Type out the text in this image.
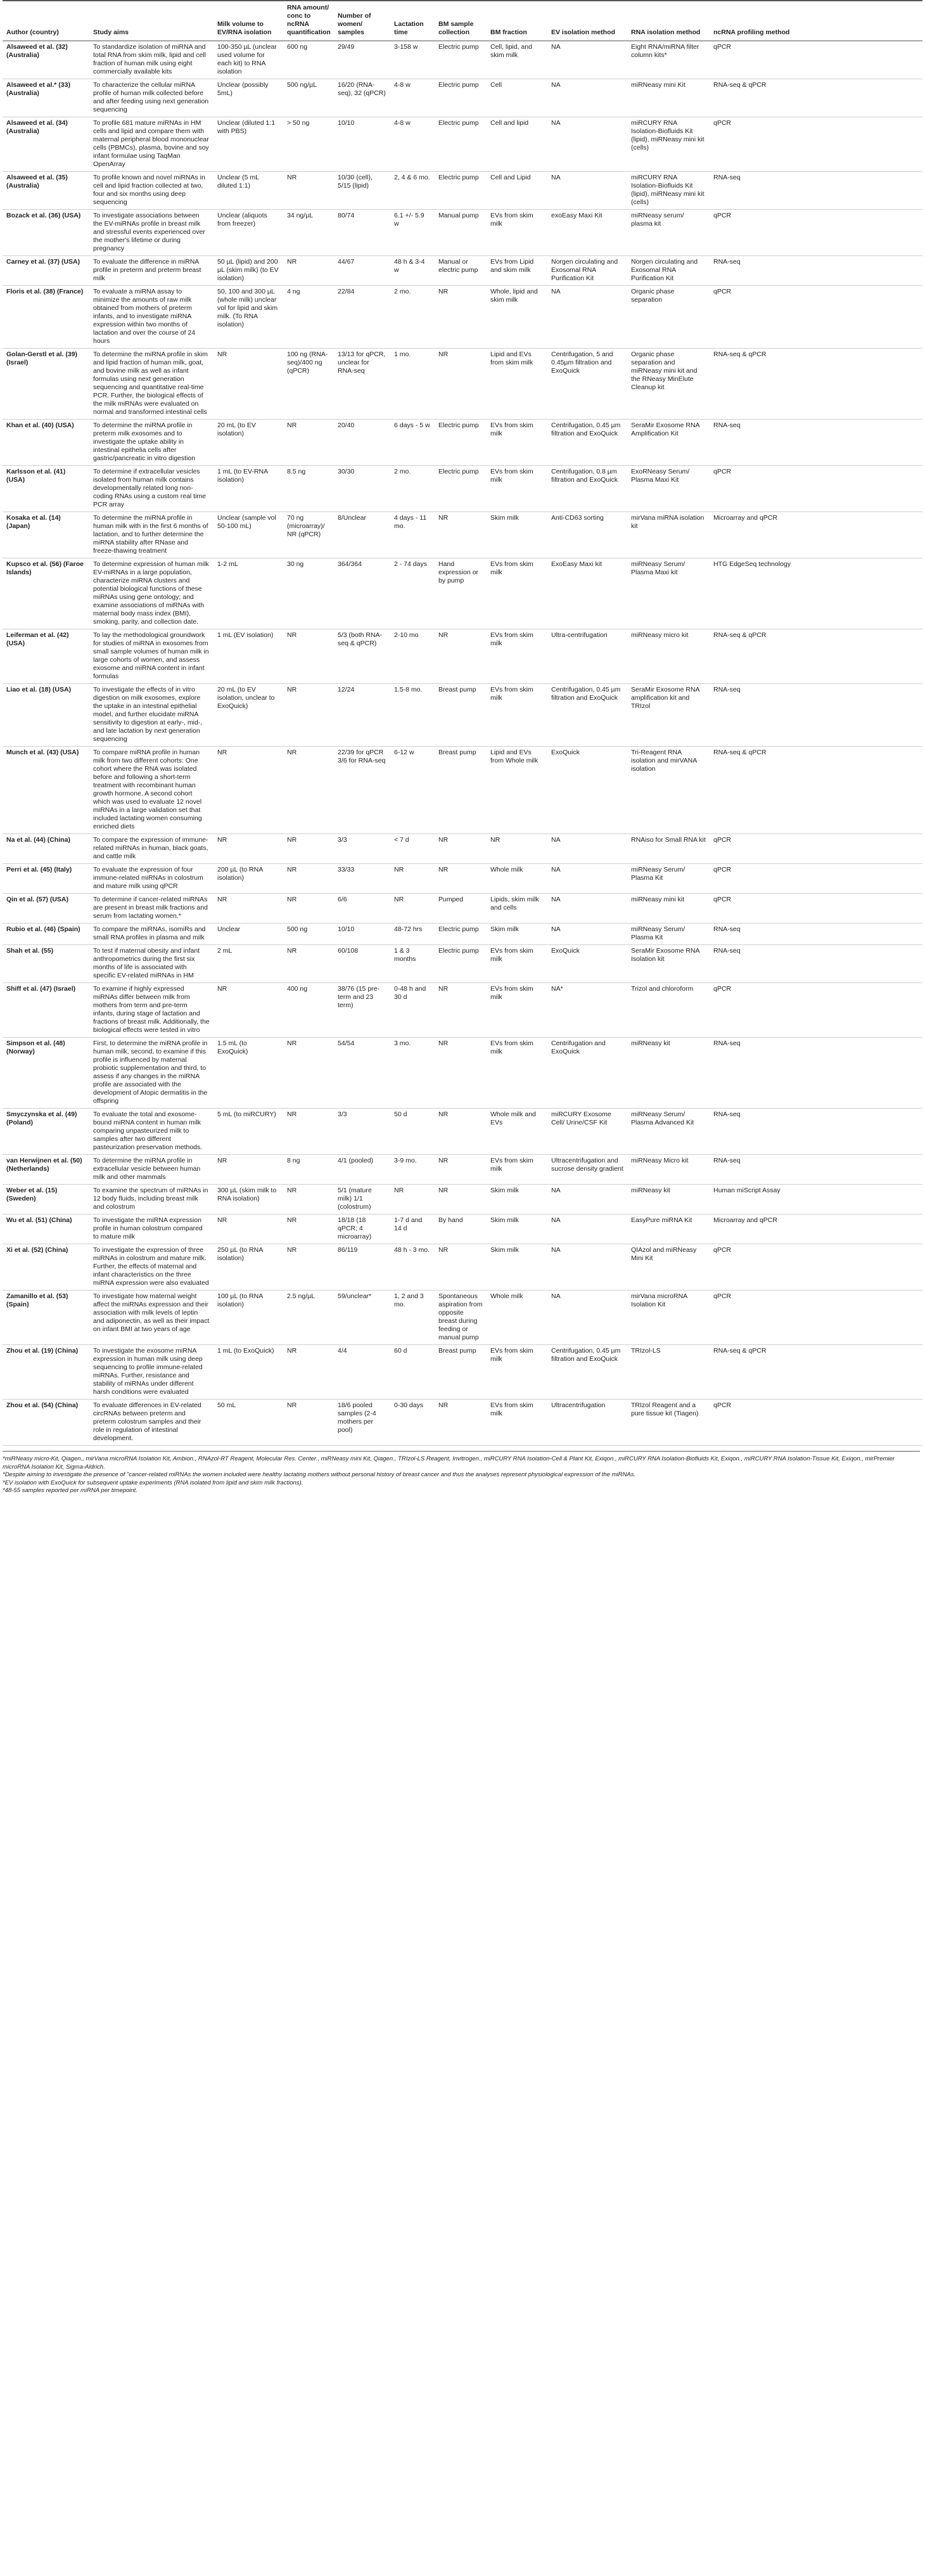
Author (country)	Study aims	Milk volume to EV/RNA isolation	RNA amount/ conc to ncRNA quantification	Number of women/ samples	Lactation time	BM sample collection	BM fraction	EV isolation method	RNA isolation method	ncRNA profiling method
Alsaweed et al. (32) (Australia)	To standardize isolation of miRNA and total RNA from skim milk, lipid and cell fraction of human milk using eight commercially available kits	100-350 µL (unclear used volume for each kit) to RNA isolation	600 ng	29/49	3-158 w	Electric pump	Cell, lipid, and skim milk	NA	Eight RNA/miRNA filter column kits*	qPCR
Alsaweed et al.* (33) (Australia)	To characterize the cellular miRNA profile of human milk collected before and after feeding using next generation sequencing	Unclear (possibly 5mL)	500 ng/µL	16/20 (RNA-seq), 32 (qPCR)	4-8 w	Electric pump	Cell	NA	miRNeasy mini Kit	RNA-seq & qPCR
Alsaweed et al. (34) (Australia)	To profile 681 mature miRNAs in HM cells and lipid and compare them with maternal peripheral blood mononuclear cells (PBMCs), plasma, bovine and soy infant formulae using TaqMan OpenArray	Unclear (diluted 1:1 with PBS)	> 50 ng	10/10	4-8 w	Electric pump	Cell and lipid	NA	miRCURY RNA Isolation-Biofluids Kit (lipid), miRNeasy mini kit (cells)	qPCR
Alsaweed et al. (35) (Australia)	To profile known and novel miRNAs in cell and lipid fraction collected at two, four and six months using deep sequencing	Unclear (5 mL diluted 1:1)	NR	10/30 (cell), 5/15 (lipid)	2, 4 & 6 mo.	Electric pump	Cell and Lipid	NA	miRCURY RNA Isolation-Biofluids Kit (lipid), miRNeasy mini kit (cells)	RNA-seq
Bozack et al. (36) (USA)	To investigate associations between the EV-miRNAs profile in breast milk and stressful events experienced over the mother's lifetime or during pregnancy	Unclear (aliquots from freezer)	34 ng/µL	80/74	6.1 +/- 5.9 w	Manual pump	EVs from skim milk	exoEasy Maxi Kit	miRNeasy serum/ plasma kit	qPCR
Carney et al. (37) (USA)	To evaluate the difference in miRNA profile in preterm and preterm breast milk	50 µL (lipid) and 200 µL (skim milk) (to EV isolation)	NR	44/67	48 h & 3-4 w	Manual or electric pump	EVs from Lipid and skim milk	Norgen circulating and Exosomal RNA Purification Kit	Norgen circulating and Exosomal RNA Purification Kit	RNA-seq
Floris et al. (38) (France)	To evaluate a miRNA assay to minimize the amounts of raw milk obtained from mothers of preterm infants, and to investigate miRNA expression within two months of lactation and over the course of 24 hours	50, 100 and 300 µL (whole milk) unclear vol for lipid and skim milk. (To RNA isolation)	4 ng	22/84	2 mo.	NR	Whole, lipid and skim milk	NA	Organic phase separation	qPCR
Golan-Gerstl et al. (39) (Israel)	To determine the miRNA profile in skim and lipid fraction of human milk, goat, and bovine milk as well as infant formulas using next generation sequencing and quantitative real-time PCR. Further, the biological effects of the milk miRNAs were evaluated on normal and transformed intestinal cells	NR	100 ng (RNA-seq)/400 ng (qPCR)	13/13 for qPCR, unclear for RNA-seq	1 mo.	NR	Lipid and EVs from skim milk	Centrifugation, 5 and 0.45µm filtration and ExoQuick	Organic phase separation and miRNeasy mini kit and the RNeasy MinElute Cleanup kit	RNA-seq & qPCR
Khan et al. (40) (USA)	To determine the miRNA profile in preterm milk exosomes and to investigate the uptake ability in intestinal epithelia cells after gastric/pancreatic in vitro digestion	20 mL (to EV isolation)	NR	20/40	6 days - 5 w	Electric pump	EVs from skim milk	Centrifugation, 0.45 µm filtration and ExoQuick	SeraMir Exosome RNA Amplification Kit	RNA-seq
Karlsson et al. (41) (USA)	To determine if extracellular vesicles isolated from human milk contains developmentally related long non-coding RNAs using a custom real time PCR array	1 mL (to EV-RNA isolation)	8.5 ng	30/30	2 mo.	Electric pump	EVs from skim milk	Centrifugation, 0.8 µm filtration and ExoQuick	ExoRNeasy Serum/ Plasma Maxi Kit	qPCR
Kosaka et al. (14) (Japan)	To determine the miRNA profile in human milk with in the first 6 months of lactation, and to further determine the miRNA stability after RNase and freeze-thawing treatment	Unclear (sample vol 50-100 mL)	70 ng (microarray)/ NR (qPCR)	8/Unclear	4 days - 11 mo.	NR	Skim milk	Anti-CD63 sorting	mirVana miRNA isolation kit	Microarray and qPCR
Kupsco et al. (56) (Faroe Islands)	To determine expression of human milk EV-miRNAs in a large population, characterize miRNA clusters and potential biological functions of these miRNAs using gene ontology; and examine associations of miRNAs with maternal body mass index (BMI), smoking, parity, and collection date.	1-2 mL	30 ng	364/364	2 - 74 days	Hand expression or by pump	EVs from skim milk	ExoEasy Maxi kit	miRNeasy Serum/ Plasma Maxi kit	HTG EdgeSeq technology
Leiferman et al. (42) (USA)	To lay the methodological groundwork for studies of miRNA in exosomes from small sample volumes of human milk in large cohorts of women, and assess exosome and miRNA content in infant formulas	1 mL (EV isolation)	NR	5/3 (both RNA-seq & qPCR)	2-10 mo	NR	EVs from skim milk	Ultra-centrifugation	miRNeasy micro kit	RNA-seq & qPCR
Liao et al. (18) (USA)	To investigate the effects of in vitro digestion on milk exosomes, explore the uptake in an intestinal epithelial model, and further elucidate miRNA sensitivity to digestion at early-, mid-, and late lactation by next generation sequencing	20 mL (to EV isolation, unclear to ExoQuick)	NR	12/24	1.5-8 mo.	Breast pump	EVs from skim milk	Centrifugation, 0.45 µm filtration and ExoQuick	SeraMir Exosome RNA amplification kit and TRIzol	RNA-seq
Munch et al. (43) (USA)	To compare miRNA profile in human milk from two different cohorts: One cohort where the RNA was isolated before and following a short-term treatment with recombinant human growth hormone. A second cohort which was used to evaluate 12 novel miRNAs in a large validation set that included lactating women consuming enriched diets	NR	NR	22/39 for qPCR 3/6 for RNA-seq	6-12 w	Breast pump	Lipid and EVs from Whole milk	ExoQuick	Tri-Reagent RNA isolation and mirVANA isolation	RNA-seq & qPCR
Na et al. (44) (China)	To compare the expression of immune-related miRNAs in human, black goats, and cattle milk	NR	NR	3/3	< 7 d	NR	NR	NA	RNAiso for Small RNA kit	qPCR
Perri et al. (45) (Italy)	To evaluate the expression of four immune-related miRNAs in colostrum and mature milk using qPCR	200 µL (to RNA isolation)	NR	33/33	NR	NR	Whole milk	NA	miRNeasy Serum/ Plasma Kit	qPCR
Qin et al. (57) (USA)	To determine if cancer-related miRNAs are present in breast milk fractions and serum from lactating women.*	NR	NR	6/6	NR	Pumped	Lipids, skim milk and cells	NA	miRNeasy mini kit	qPCR
Rubio et al. (46) (Spain)	To compare the miRNAs, isomiRs and small RNA profiles in plasma and milk	Unclear	500 ng	10/10	48-72 hrs	Electric pump	Skim milk	NA	miRNeasy Serum/ Plasma Kit	RNA-seq
Shah et al. (55)	To test if maternal obesity and infant anthropometrics during the first six months of life is associated with specific EV-related miRNAs in HM	2 mL	NR	60/108	1 & 3 months	Electric pump	EVs from skim milk	ExoQuick	SeraMir Exosome RNA Isolation kit	RNA-seq
Shiff et al. (47) (Israel)	To examine if highly expressed miRNAs differ between milk from mothers from term and pre-term infants, during stage of lactation and fractions of breast milk. Additionally, the biological effects were tested in vitro	NR	400 ng	38/76 (15 pre-term and 23 term)	0-48 h and 30 d	NR	EVs from skim milk	NA*	Trizol and chloroform	qPCR
Simpson et al. (48) (Norway)	First, to determine the miRNA profile in human milk, second, to examine if this profile is influenced by maternal probiotic supplementation and third, to assess if any changes in the miRNA profile are associated with the development of Atopic dermatitis in the offspring	1.5 mL (to ExoQuick)	NR	54/54	3 mo.	NR	EVs from skim milk	Centrifugation and ExoQuick	miRNeasy kit	RNA-seq
Smyczynska et al. (49) (Poland)	To evaluate the total and exosome-bound miRNA content in human milk comparing unpasteurized milk to samples after two different pasteurization preservation methods.	5 mL (to miRCURY)	NR	3/3	50 d	NR	Whole milk and EVs	miRCURY Exosome Cell/ Urine/CSF Kit	miRNeasy Serum/ Plasma Advanced Kit	RNA-seq
van Herwijnen et al. (50) (Netherlands)	To determine the miRNA profile in extracellular vesicle between human milk and other mammals	NR	8 ng	4/1 (pooled)	3-9 mo.	NR	EVs from skim milk	Ultracentrifugation and sucrose density gradient	miRNeasy Micro kit	RNA-seq
Weber et al. (15) (Sweden)	To examine the spectrum of miRNAs in 12 body fluids, including breast milk and colostrum	300 µL (skim milk to RNA isolation)	NR	5/1 (mature milk) 1/1 (colostrum)	NR	NR	Skim milk	NA	miRNeasy kit	Human miScript Assay
Wu et al. (51) (China)	To investigate the miRNA expression profile in human colostrum compared to mature milk	NR	NR	18/18 (18 qPCR; 4 microarray)	1-7 d and 14 d	By hand	Skim milk	NA	EasyPure miRNA Kit	Microarray and qPCR
Xi et al. (52) (China)	To investigate the expression of three miRNAs in colostrum and mature milk. Further, the effects of maternal and infant characteristics on the three miRNA expression were also evaluated	250 µL (to RNA isolation)	NR	86/119	48 h - 3 mo.	NR	Skim milk	NA	QIAzol and miRNeasy Mini Kit	qPCR
Zamanillo et al. (53) (Spain)	To investigate how maternal weight affect the miRNAs expression and their association with milk levels of leptin and adiponectin, as well as their impact on infant BMI at two years of age	100 µL (to RNA isolation)	2.5 ng/µL	59/unclear*	1, 2 and 3 mo.	Spontaneous aspiration from opposite breast during feeding or manual pump	Whole milk	NA	mirVana microRNA Isolation Kit	qPCR
Zhou et al. (19) (China)	To investigate the exosome miRNA expression in human milk using deep sequencing to profile immune-related miRNAs. Further, resistance and stability of miRNAs under different harsh conditions were evaluated	1 mL (to ExoQuick)	NR	4/4	60 d	Breast pump	EVs from skim milk	Centrifugation, 0.45 µm filtration and ExoQuick	TRIzol-LS	RNA-seq & qPCR
Zhou et al. (54) (China)	To evaluate differences in EV-related circRNAs between preterm and preterm colostrum samples and their role in regulation of intestinal development.	50 mL	NR	18/6 pooled samples (2-4 mothers per pool)	0-30 days	NR	EVs from skim milk	Ultracentrifugation	TRIzol Reagent and a pure tissue kit (Tiagen)	qPCR

*miRNeasy micro-Kit, Qiagen., mirVana microRNA Isolation Kit, Ambion., RNAzol-RT Reagent, Molecular Res. Center., miRNeasy mini Kit, Qiagen., TRIzol-LS Reagent, Invitrogen., miRCURY RNA Isolation-Cell & Plant Kit, Exiqon., miRCURY RNA Isolation-Biofluids Kit, Exiqon., miRCURY RNA Isolation-Tissue Kit, Exiqon., mirPremier microRNA Isolation Kit, Sigma-Aldrich.

*Despite aiming to investigate the presence of "cancer-related miRNAs the women included were healthy lactating mothers without personal history of breast cancer and thus the analyses represent physiological expression of the miRNAs.

*EV isolation with ExoQuick for subsequent uptake experiments (RNA isolated from lipid and skim milk fractions).

*48-55 samples reported per miRNA per timepoint.
